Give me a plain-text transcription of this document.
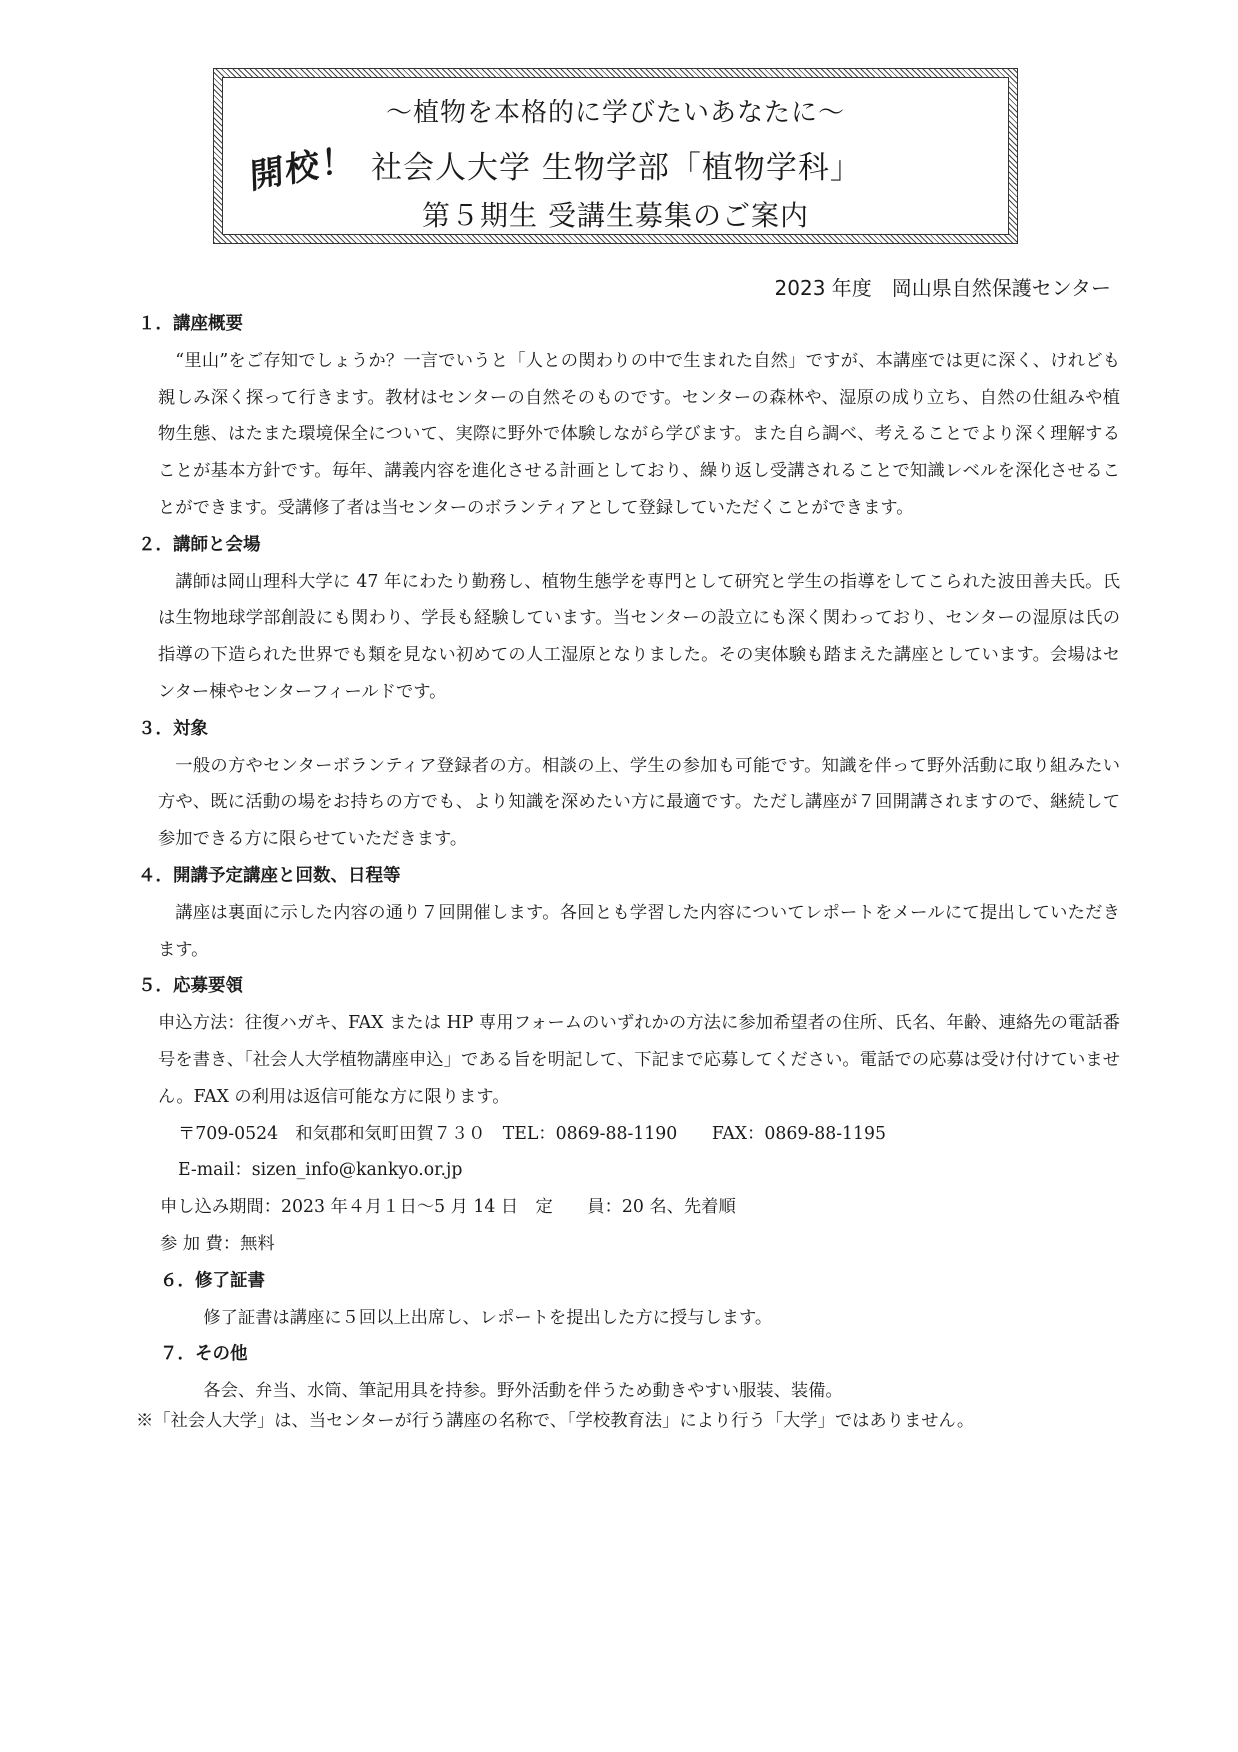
〜植物を本格的に学びたいあなたに〜
開校！ 社会人大学 生物学部「植物学科」
第５期生 受講生募集のご案内
2023 年度　岡山県自然保護センター
１．講座概要
“里山”をご存知でしょうか？一言でいうと「人との関わりの中で生まれた自然」ですが、本講座では更に深く、けれども親しみ深く探って行きます。教材はセンターの自然そのものです。センターの森林や、湿原の成り立ち、自然の仕組みや植物生態、はたまた環境保全について、実際に野外で体験しながら学びます。また自ら調べ、考えることでより深く理解することが基本方針です。毎年、講義内容を進化させる計画としており、繰り返し受講されることで知識レベルを深化させることができます。受講修了者は当センターのボランティアとして登録していただくことができます。
２．講師と会場
講師は岡山理科大学に 47 年にわたり勤務し、植物生態学を専門として研究と学生の指導をしてこられた波田善夫氏。氏は生物地球学部創設にも関わり、学長も経験しています。当センターの設立にも深く関わっており、センターの湿原は氏の指導の下造られた世界でも類を見ない初めての人工湿原となりました。その実体験も踏まえた講座としています。会場はセンター棟やセンターフィールドです。
３．対象
一般の方やセンターボランティア登録者の方。相談の上、学生の参加も可能です。知識を伴って野外活動に取り組みたい方や、既に活動の場をお持ちの方でも、より知識を深めたい方に最適です。ただし講座が７回開講されますので、継続して参加できる方に限らせていただきます。
４．開講予定講座と回数、日程等
講座は裏面に示した内容の通り７回開催します。各回とも学習した内容についてレポートをメールにて提出していただきます。
５．応募要領
申込方法：往復ハガキ、FAX または HP 専用フォームのいずれかの方法に参加希望者の住所、氏名、年齢、連絡先の電話番号を書き、「社会人大学植物講座申込」である旨を明記して、下記まで応募してください。電話での応募は受け付けていません。FAX の利用は返信可能な方に限ります。
〒709-0524　和気郡和気町田賀７３０　TEL：0869-88-1190　　FAX：0869-88-1195
E-mail：sizen_info@kankyo.or.jp
申し込み期間：2023 年４月１日〜5 月 14 日　定　　員：20 名、先着順
参 加 費：無料
６．修了証書
修了証書は講座に５回以上出席し、レポートを提出した方に授与します。
７．その他
各会、弁当、水筒、筆記用具を持参。野外活動を伴うため動きやすい服装、装備。
※「社会人大学」は、当センターが行う講座の名称で、「学校教育法」により行う「大学」ではありません。
